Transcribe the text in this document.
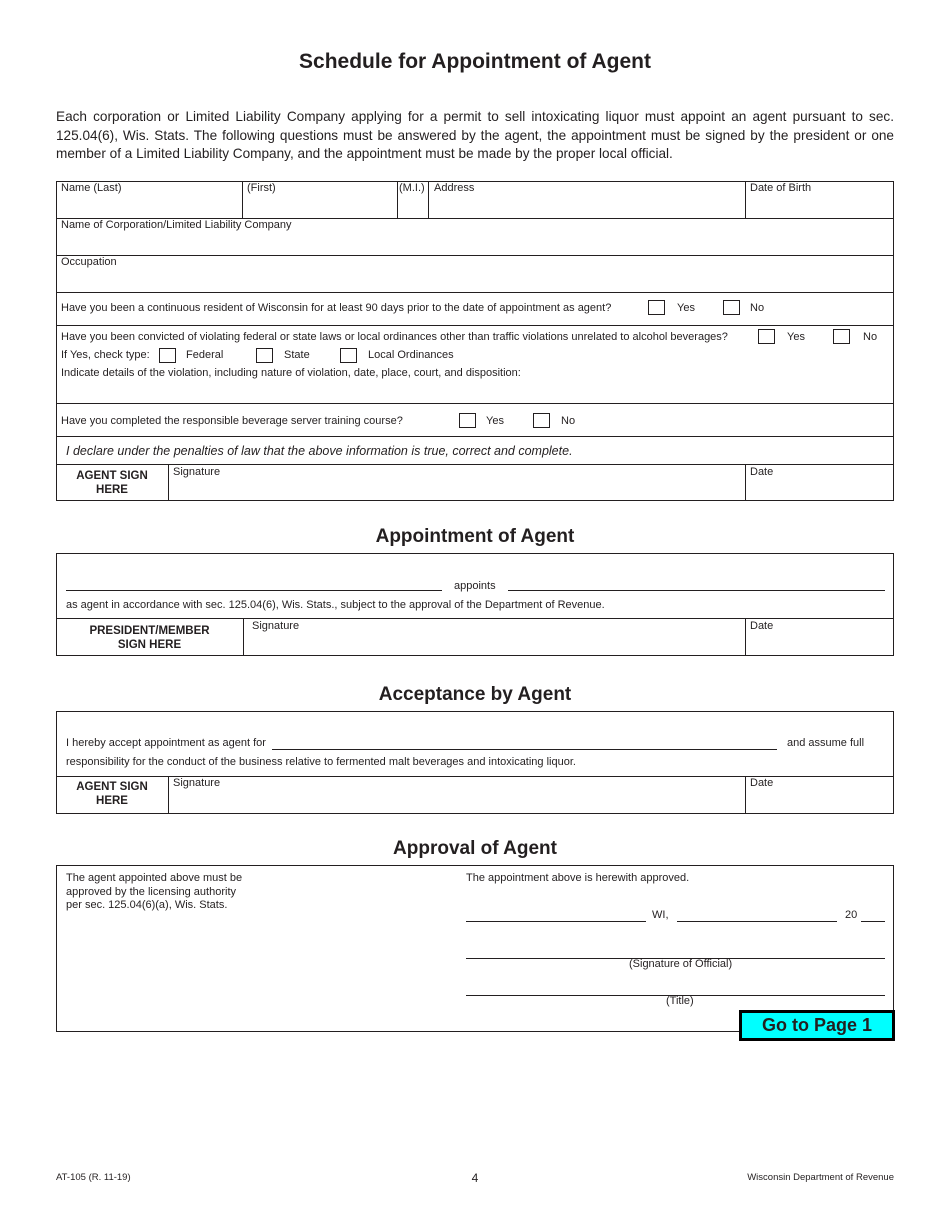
Schedule for Appointment of Agent
Each corporation or Limited Liability Company applying for a permit to sell intoxicating liquor must appoint an agent pursuant to sec. 125.04(6), Wis. Stats. The following questions must be answered by the agent, the appointment must be signed by the president or one member of a Limited Liability Company, and the appointment must be made by the proper local official.
Name (Last)	(First)	(M.I.) Address	Date of Birth
Name of Corporation/Limited Liability Company
Occupation
Have you been a continuous resident of Wisconsin for at least 90 days prior to the date of appointment as agent?	Yes	No
Have you been convicted of violating federal or state laws or local ordinances other than traffic violations unrelated to alcohol beverages?	Yes	No
If Yes, check type:	Federal	State	Local Ordinances
Indicate details of the violation, including nature of violation, date, place, court, and disposition:
Have you completed the responsible beverage server training course?	Yes	No
I declare under the penalties of law that the above information is true, correct and complete.
AGENT SIGN
HERE
Signature	Date
Appointment of Agent
appoints
as agent in accordance with sec. 125.04(6), Wis. Stats., subject to the approval of the Department of Revenue.
PRESIDENT/MEMBER
SIGN HERE
Signature	Date
Acceptance by Agent
I hereby accept appointment as agent for	and assume full
responsibility for the conduct of the business relative to fermented malt beverages and intoxicating liquor.
AGENT SIGN
HERE
Signature	Date
Approval of Agent
The agent appointed above must be
approved by the licensing authority
per sec. 125.04(6)(a), Wis. Stats.
The appointment above is herewith approved.
WI,	20
(Signature of Official)
(Title)
Go to Page 1
AT-105 (R. 11-19)	4	Wisconsin Department of Revenue
